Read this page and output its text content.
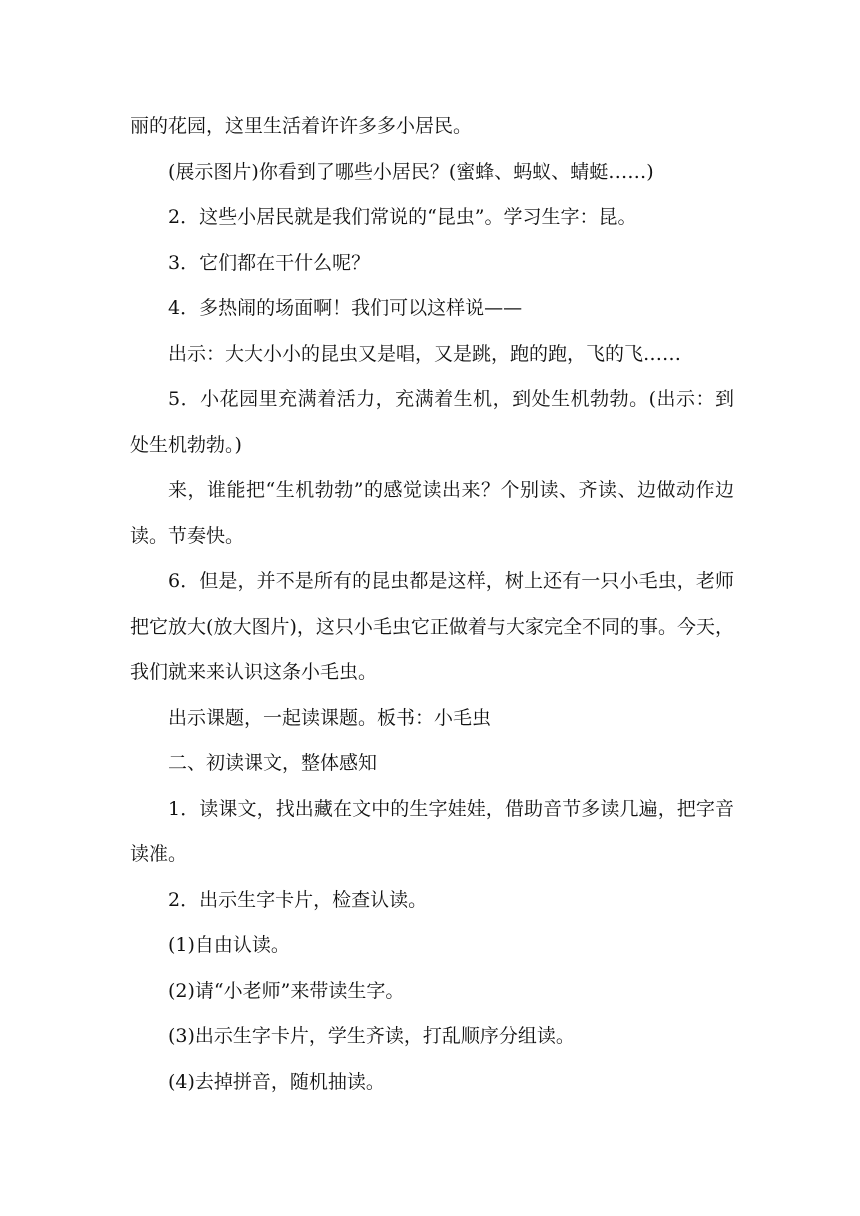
丽的花园，这里生活着许许多多小居民。

(展示图片)你看到了哪些小居民？(蜜蜂、蚂蚁、蜻蜓……)

2．这些小居民就是我们常说的“昆虫”。学习生字：昆。

3．它们都在干什么呢？

4．多热闹的场面啊！我们可以这样说——

出示：大大小小的昆虫又是唱，又是跳，跑的跑，飞的飞……

5．小花园里充满着活力，充满着生机，到处生机勃勃。(出示：到处生机勃勃。)

来，谁能把“生机勃勃”的感觉读出来？个别读、齐读、边做动作边读。节奏快。

6．但是，并不是所有的昆虫都是这样，树上还有一只小毛虫，老师把它放大(放大图片)，这只小毛虫它正做着与大家完全不同的事。今天，我们就来来认识这条小毛虫。

出示课题，一起读课题。板书：小毛虫

二、初读课文，整体感知

1．读课文，找出藏在文中的生字娃娃，借助音节多读几遍，把字音读准。

2．出示生字卡片，检查认读。

(1)自由认读。

(2)请“小老师”来带读生字。

(3)出示生字卡片，学生齐读，打乱顺序分组读。

(4)去掉拼音，随机抽读。
